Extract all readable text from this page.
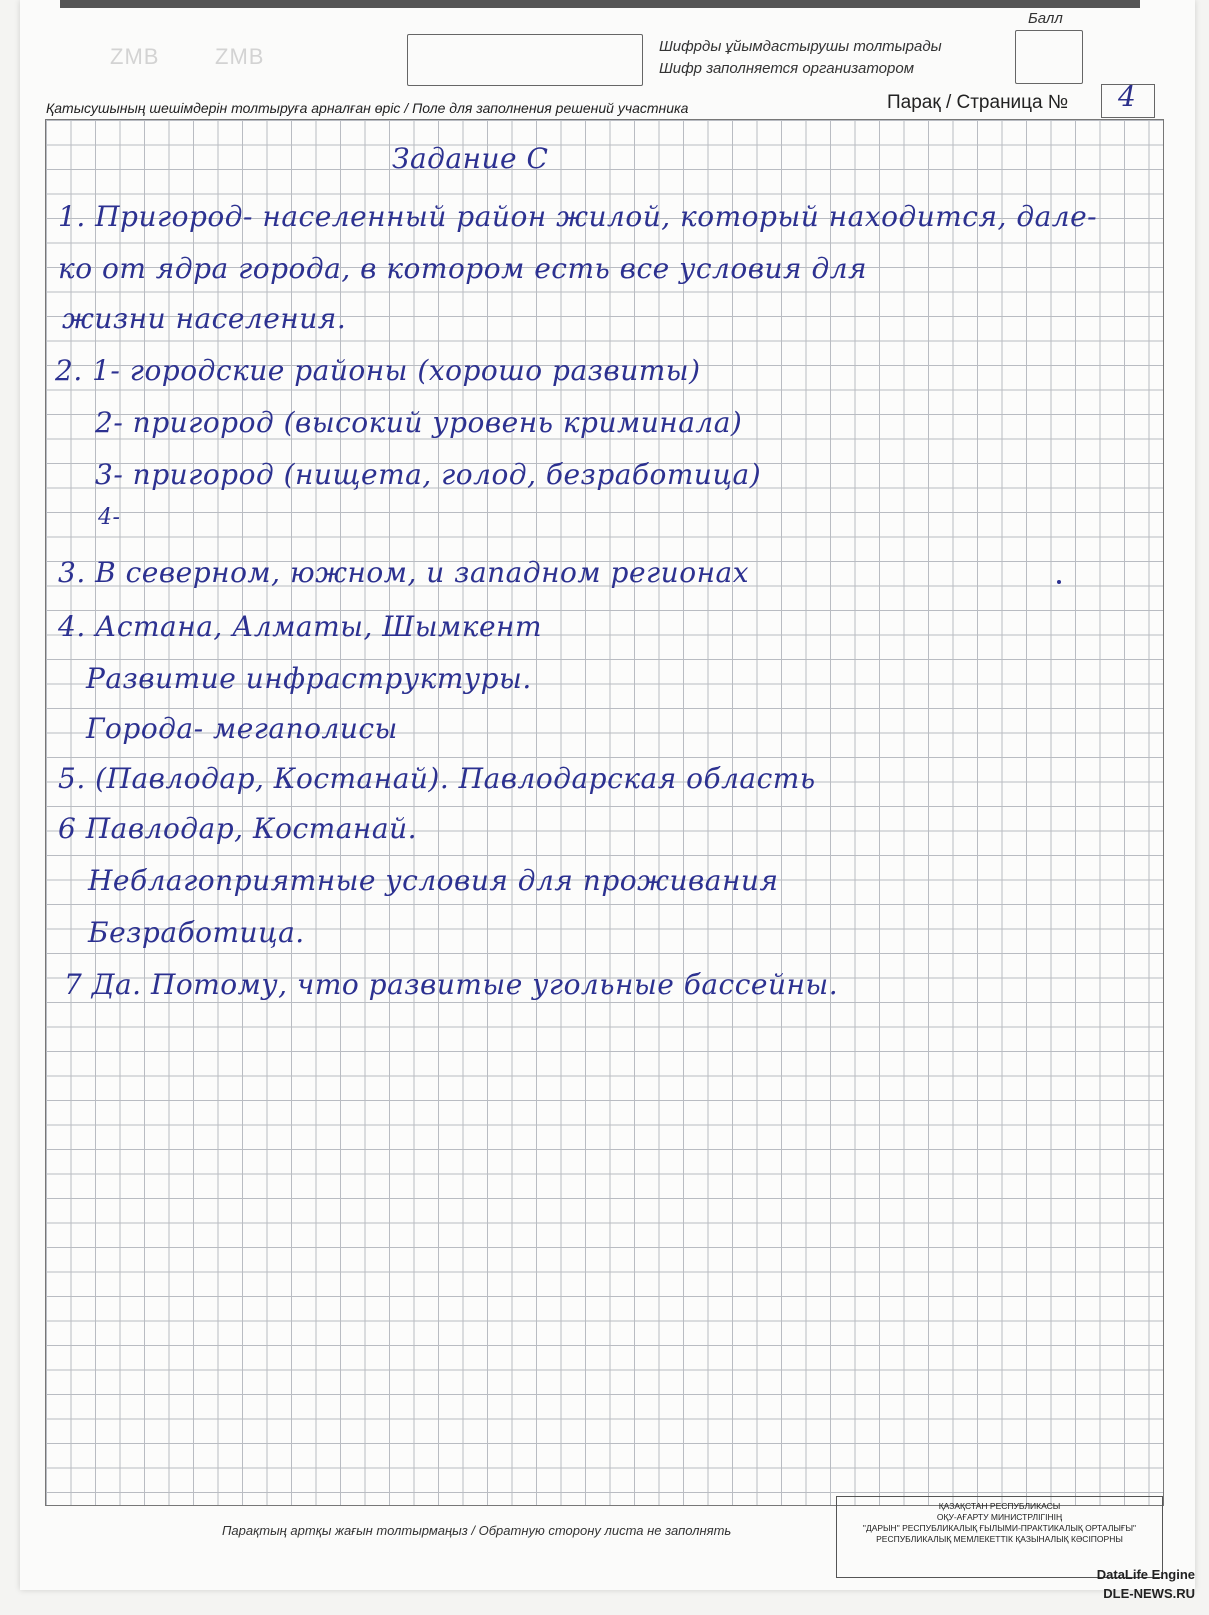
ZMB	ZMB	Шифрды ұйымдастырушы толтырады
Шифр заполняется организатором
Балл
Қатысушының шешімдерін толтыруға арналған өріс / Поле для заполнения решений участника	Парақ / Страница № 4
Задание С
1. Пригород- населенный район жилой, который находится, дале-
ко от ядра города, в котором есть все условия для
жизни населения.
2. 1- городские районы (хорошо развиты)
2- пригород (высокий уровень криминала)
3- пригород (нищета, голод, безработица)
4-
3. В северном, южном, и западном регионах
4. Астана, Алматы, Шымкент
Развитие инфраструктуры.
Города- мегаполисы
5. (Павлодар, Костанай). Павлодарская область
6 Павлодар, Костанай.
Неблагоприятные условия для проживания
Безработица.
7 Да. Потому, что развитые угольные бассейны.
Парақтың артқы жағын толтырмаңыз / Обратную сторону листа не заполнять
ҚАЗАҚСТАН РЕСПУБЛИКАСЫ
ОҚУ-АҒАРТУ МИНИСТРЛІГІНІҢ
"ДАРЫН" РЕСПУБЛИКАЛЫҚ ҒЫЛЫМИ-ПРАКТИКАЛЫҚ ОРТАЛЫҒЫ"
РЕСПУБЛИКАЛЫҚ МЕМЛЕКЕТТІК ҚАЗЫНАЛЫҚ КӘСІПОРНЫ
DataLife Engine
DLE-NEWS.RU
